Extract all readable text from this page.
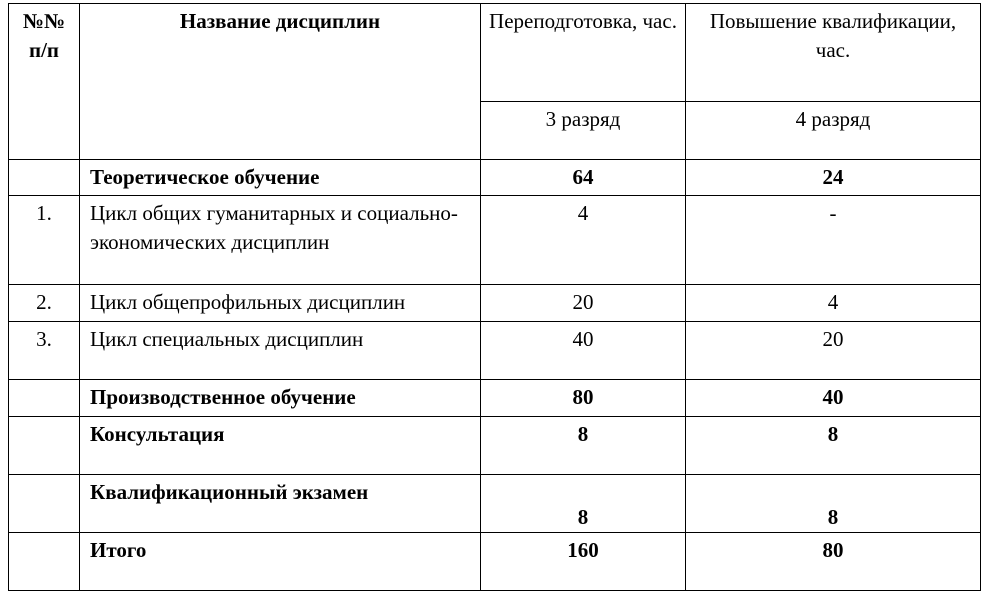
№№ п/п	Название дисциплин	Переподготовка, час.	Повышение квалификации, час.
		3 разряд	4 разряд
	Теоретическое обучение	64	24
1.	Цикл общих гуманитарных и социально-экономических дисциплин	4	-
2.	Цикл общепрофильных дисциплин	20	4
3.	Цикл специальных дисциплин	40	20
	Производственное обучение	80	40
	Консультация	8	8
	Квалификационный экзамен	8	8
	Итого	160	80
